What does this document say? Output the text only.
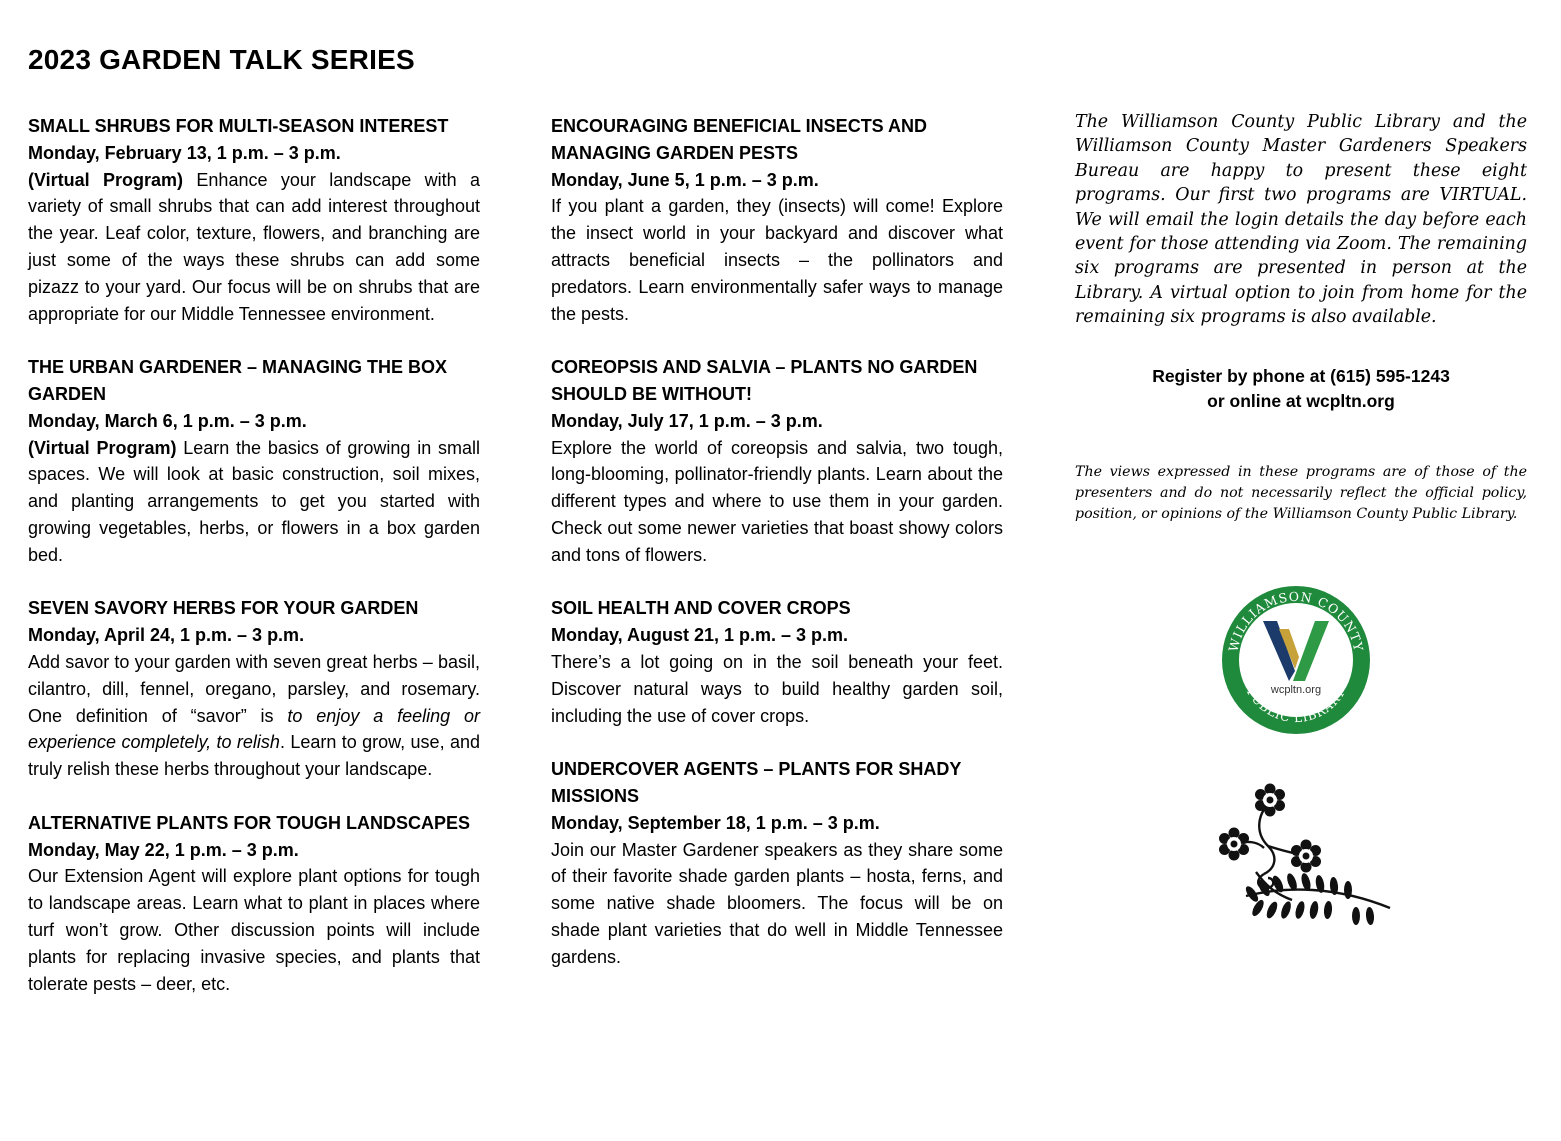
2023 GARDEN TALK SERIES
SMALL SHRUBS FOR MULTI-SEASON INTEREST
Monday, February 13, 1 p.m. – 3 p.m.
(Virtual Program) Enhance your landscape with a variety of small shrubs that can add interest throughout the year. Leaf color, texture, flowers, and branching are just some of the ways these shrubs can add some pizazz to your yard. Our focus will be on shrubs that are appropriate for our Middle Tennessee environment.
THE URBAN GARDENER – MANAGING THE BOX GARDEN
Monday, March 6, 1 p.m. – 3 p.m.
(Virtual Program) Learn the basics of growing in small spaces. We will look at basic construction, soil mixes, and planting arrangements to get you started with growing vegetables, herbs, or flowers in a box garden bed.
SEVEN SAVORY HERBS FOR YOUR GARDEN
Monday, April 24, 1 p.m. – 3 p.m.
Add savor to your garden with seven great herbs – basil, cilantro, dill, fennel, oregano, parsley, and rosemary. One definition of “savor” is to enjoy a feeling or experience completely, to relish. Learn to grow, use, and truly relish these herbs throughout your landscape.
ALTERNATIVE PLANTS FOR TOUGH LANDSCAPES
Monday, May 22, 1 p.m. – 3 p.m.
Our Extension Agent will explore plant options for tough to landscape areas. Learn what to plant in places where turf won’t grow. Other discussion points will include plants for replacing invasive species, and plants that tolerate pests – deer, etc.
ENCOURAGING BENEFICIAL INSECTS AND MANAGING GARDEN PESTS
Monday, June 5, 1 p.m. – 3 p.m.
If you plant a garden, they (insects) will come! Explore the insect world in your backyard and discover what attracts beneficial insects – the pollinators and predators. Learn environmentally safer ways to manage the pests.
COREOPSIS AND SALVIA – PLANTS NO GARDEN SHOULD BE WITHOUT!
Monday, July 17, 1 p.m. – 3 p.m.
Explore the world of coreopsis and salvia, two tough, long-blooming, pollinator-friendly plants. Learn about the different types and where to use them in your garden. Check out some newer varieties that boast showy colors and tons of flowers.
SOIL HEALTH AND COVER CROPS
Monday, August 21, 1 p.m. – 3 p.m.
There’s a lot going on in the soil beneath your feet. Discover natural ways to build healthy garden soil, including the use of cover crops.
UNDERCOVER AGENTS – PLANTS FOR SHADY MISSIONS
Monday, September 18, 1 p.m. – 3 p.m.
Join our Master Gardener speakers as they share some of their favorite shade garden plants – hosta, ferns, and some native shade bloomers. The focus will be on shade plant varieties that do well in Middle Tennessee gardens.

The Williamson County Public Library and the Williamson County Master Gardeners Speakers Bureau are happy to present these eight programs. Our first two programs are VIRTUAL. We will email the login details the day before each event for those attending via Zoom. The remaining six programs are presented in person at the Library. A virtual option to join from home for the remaining six programs is also available.

Register by phone at (615) 595-1243
or online at wcpltn.org
The views expressed in these programs are of those of the presenters and do not necessarily reflect the official policy, position, or opinions of the Williamson County Public Library.
WILLIAMSON COUNTY
PUBLIC LIBRARY
wcpltn.org
